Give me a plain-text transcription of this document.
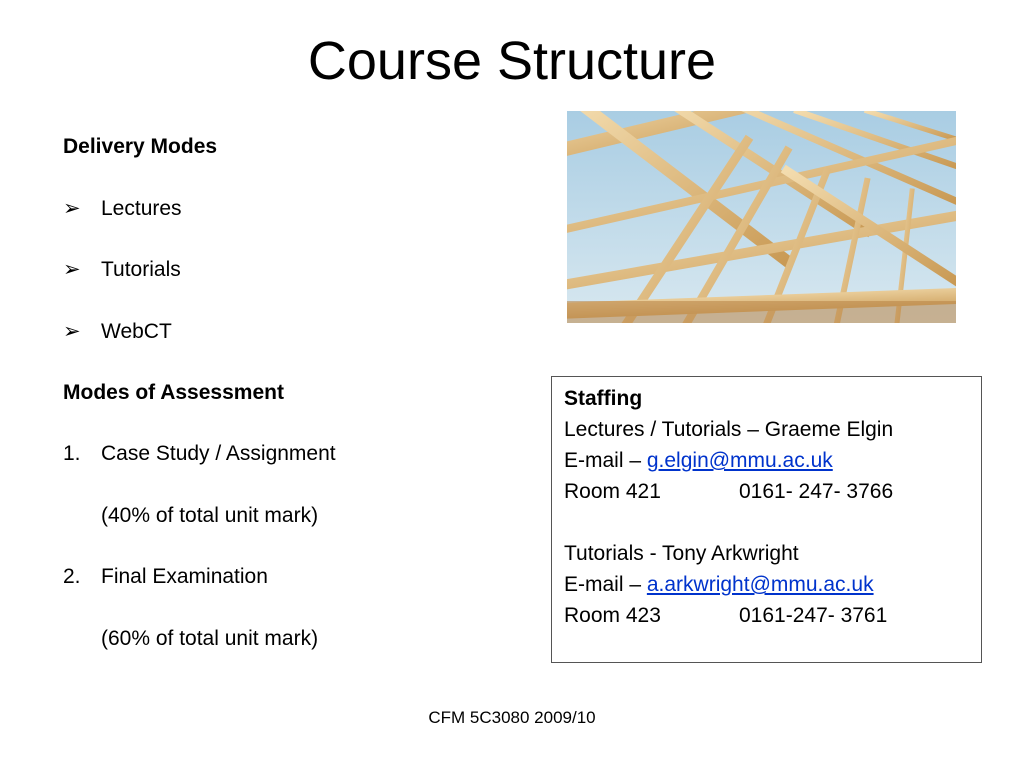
Course Structure
Delivery Modes
➢ Lectures
➢ Tutorials
➢ WebCT
Modes of Assessment
1. Case Study / Assignment
(40% of total unit mark)
2. Final Examination
(60% of total unit mark)
Staffing
Lectures / Tutorials – Graeme Elgin
E-mail – g.elgin@mmu.ac.uk
Room 421	0161- 247- 3766
Tutorials - Tony Arkwright
E-mail – a.arkwright@mmu.ac.uk
Room 423	0161-247- 3761
CFM 5C3080 2009/10
